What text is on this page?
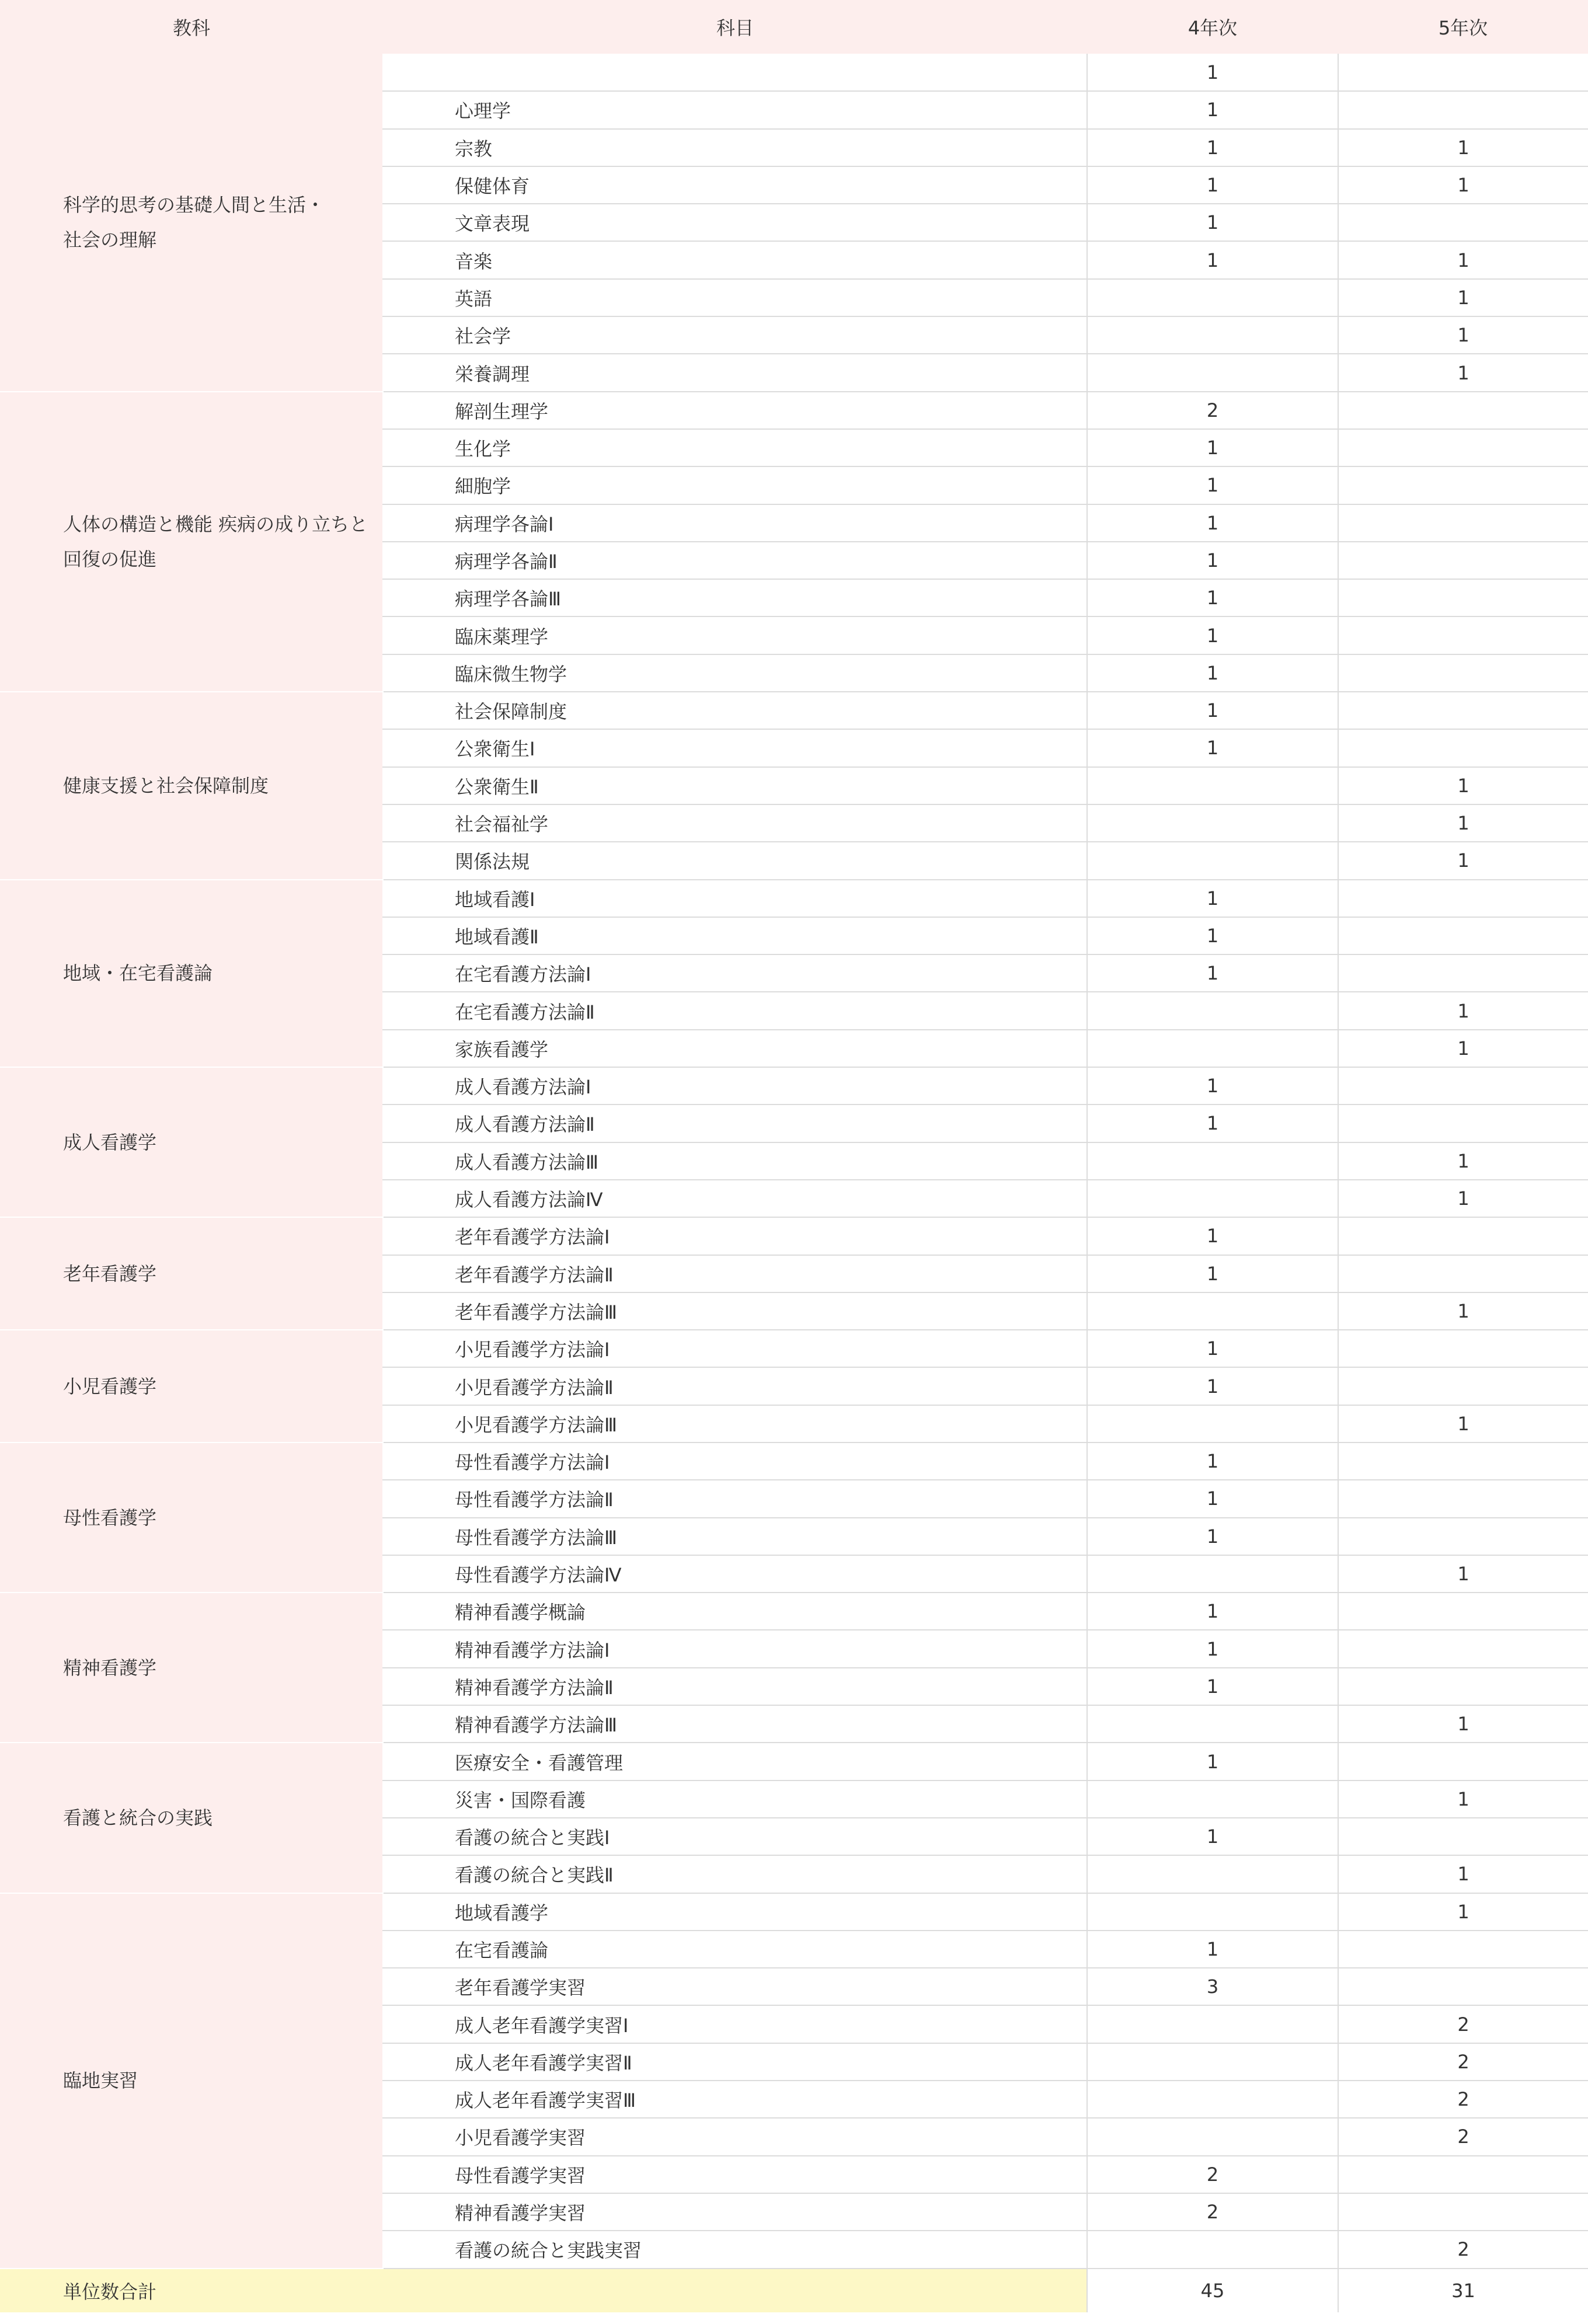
教科	科目	4年次	5年次

科学的思考の基礎人間と生活・
社会の理解		1	
	心理学	1	
	宗教	1	1
	保健体育	1	1
	文章表現	1	
	音楽	1	1
	英語		1
	社会学		1
	栄養調理		1

人体の構造と機能 疾病の成り立ちと
回復の促進	解剖生理学	2	
	生化学	1	
	細胞学	1	
	病理学各論Ⅰ	1	
	病理学各論Ⅱ	1	
	病理学各論Ⅲ	1	
	臨床薬理学	1	
	臨床微生物学	1	

健康支援と社会保障制度	社会保障制度	1	
	公衆衛生Ⅰ	1	
	公衆衛生Ⅱ		1
	社会福祉学		1
	関係法規		1

地域・在宅看護論	地域看護Ⅰ	1	
	地域看護Ⅱ	1	
	在宅看護方法論Ⅰ	1	
	在宅看護方法論Ⅱ		1
	家族看護学		1

成人看護学	成人看護方法論Ⅰ	1	
	成人看護方法論Ⅱ	1	
	成人看護方法論Ⅲ		1
	成人看護方法論Ⅳ		1

老年看護学	老年看護学方法論Ⅰ	1	
	老年看護学方法論Ⅱ	1	
	老年看護学方法論Ⅲ		1

小児看護学	小児看護学方法論Ⅰ	1	
	小児看護学方法論Ⅱ	1	
	小児看護学方法論Ⅲ		1

母性看護学	母性看護学方法論Ⅰ	1	
	母性看護学方法論Ⅱ	1	
	母性看護学方法論Ⅲ	1	
	母性看護学方法論Ⅳ		1

精神看護学	精神看護学概論	1	
	精神看護学方法論Ⅰ	1	
	精神看護学方法論Ⅱ	1	
	精神看護学方法論Ⅲ		1

看護と統合の実践	医療安全・看護管理	1	
	災害・国際看護		1
	看護の統合と実践Ⅰ	1	
	看護の統合と実践Ⅱ		1

臨地実習	地域看護学		1
	在宅看護論	1	
	老年看護学実習	3	
	成人老年看護学実習Ⅰ		2
	成人老年看護学実習Ⅱ		2
	成人老年看護学実習Ⅲ		2
	小児看護学実習		2
	母性看護学実習	2	
	精神看護学実習	2	
	看護の統合と実践実習		2
単位数合計		45	31
